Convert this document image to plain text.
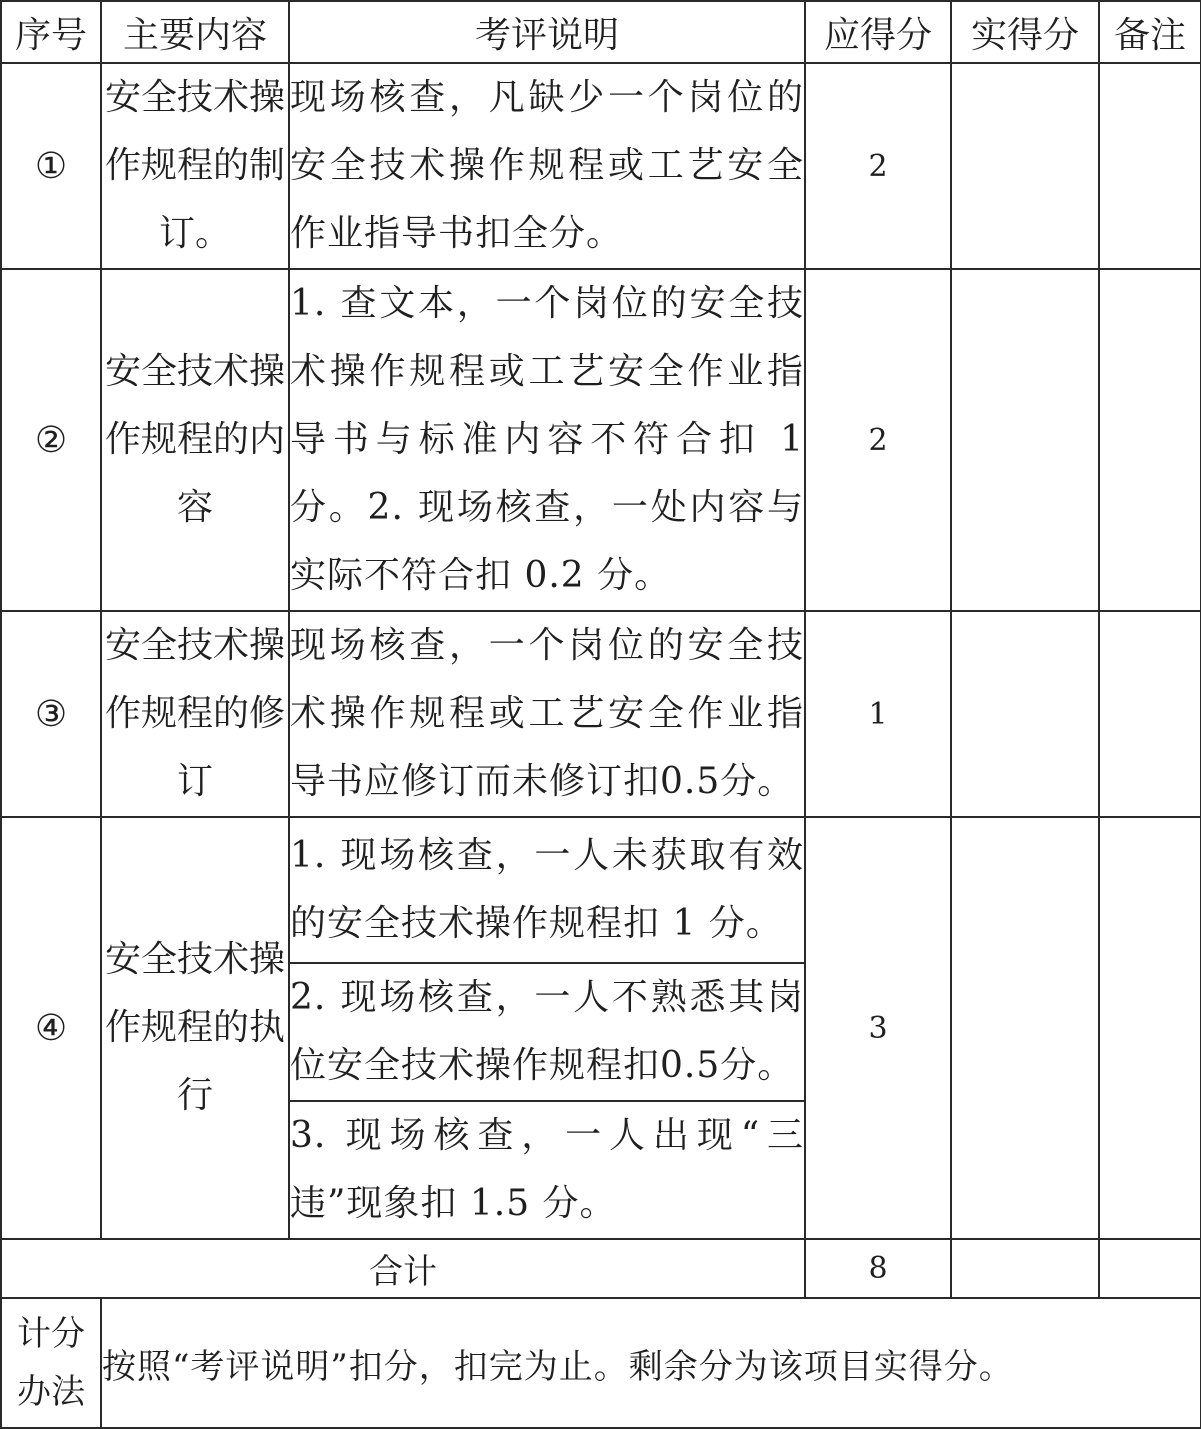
序号	主要内容	考评说明	应得分	实得分	备注
①	安全技术操作规程的制订。	现场核查，凡缺少一个岗位的安全技术操作规程或工艺安全作业指导书扣全分。	2		
②	安全技术操作规程的内容	1. 查文本，一个岗位的安全技术操作规程或工艺安全作业指导书与标准内容不符合扣 1 分。2. 现场核查，一处内容与实际不符合扣 0.2 分。	2		
③	安全技术操作规程的修订	现场核查，一个岗位的安全技术操作规程或工艺安全作业指导书应修订而未修订扣0.5分。	1		
④	安全技术操作规程的执行	1. 现场核查，一人未获取有效的安全技术操作规程扣 1 分。	3		
		2. 现场核查，一人不熟悉其岗位安全技术操作规程扣0.5分。			
		3. 现场核查，一人出现“三违”现象扣 1.5 分。			
合计			8		
计分办法	按照“考评说明”扣分，扣完为止。剩余分为该项目实得分。				
